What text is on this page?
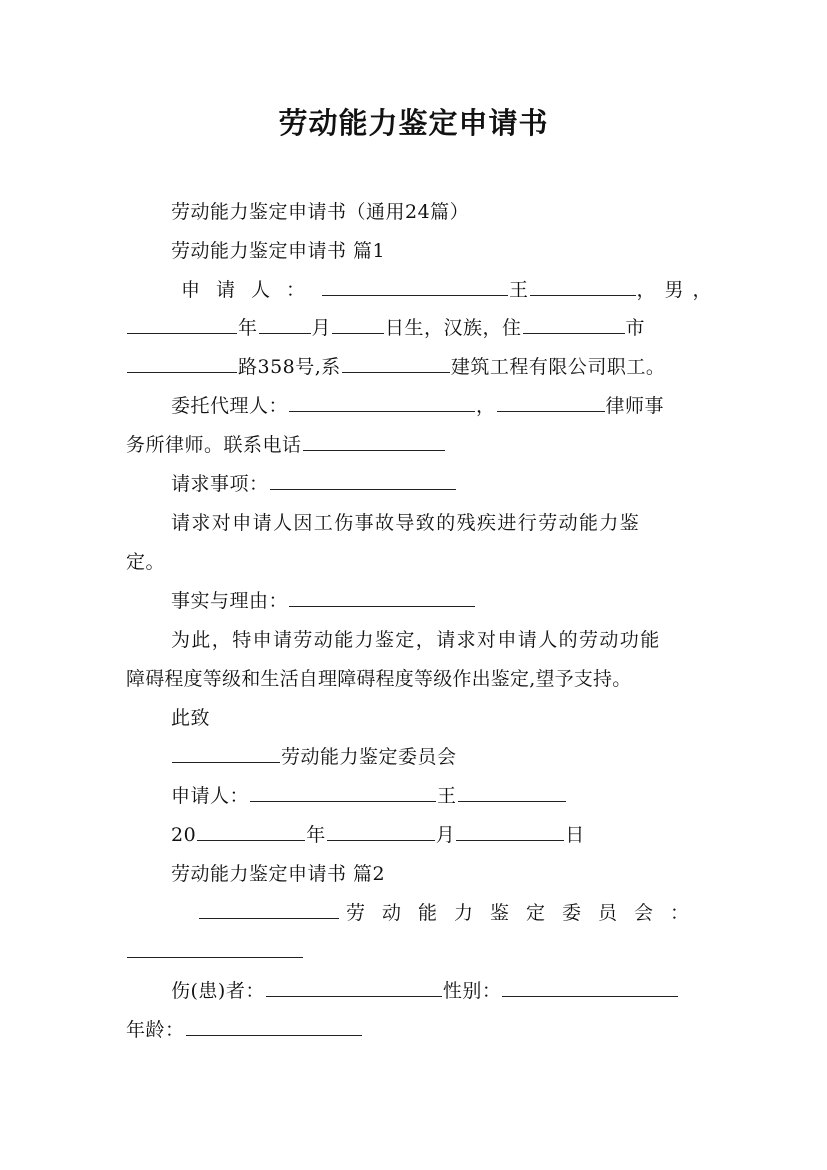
劳动能力鉴定申请书
劳动能力鉴定申请书（通用24篇）
劳动能力鉴定申请书 篇1
申请人：	王	，男，
年	月	日生，汉族，住	市
路358号,系	建筑工程有限公司职工。
委托代理人：	，	律师事
务所律师。联系电话
请求事项：
请求对申请人因工伤事故导致的残疾进行劳动能力鉴
定。
事实与理由：
为此，特申请劳动能力鉴定，请求对申请人的劳动功能
障碍程度等级和生活自理障碍程度等级作出鉴定,望予支持。
此致
劳动能力鉴定委员会
申请人：	王
20	年	月	日
劳动能力鉴定申请书 篇2
劳动能力鉴定委员会：
伤(患)者：	性别：
年龄：
